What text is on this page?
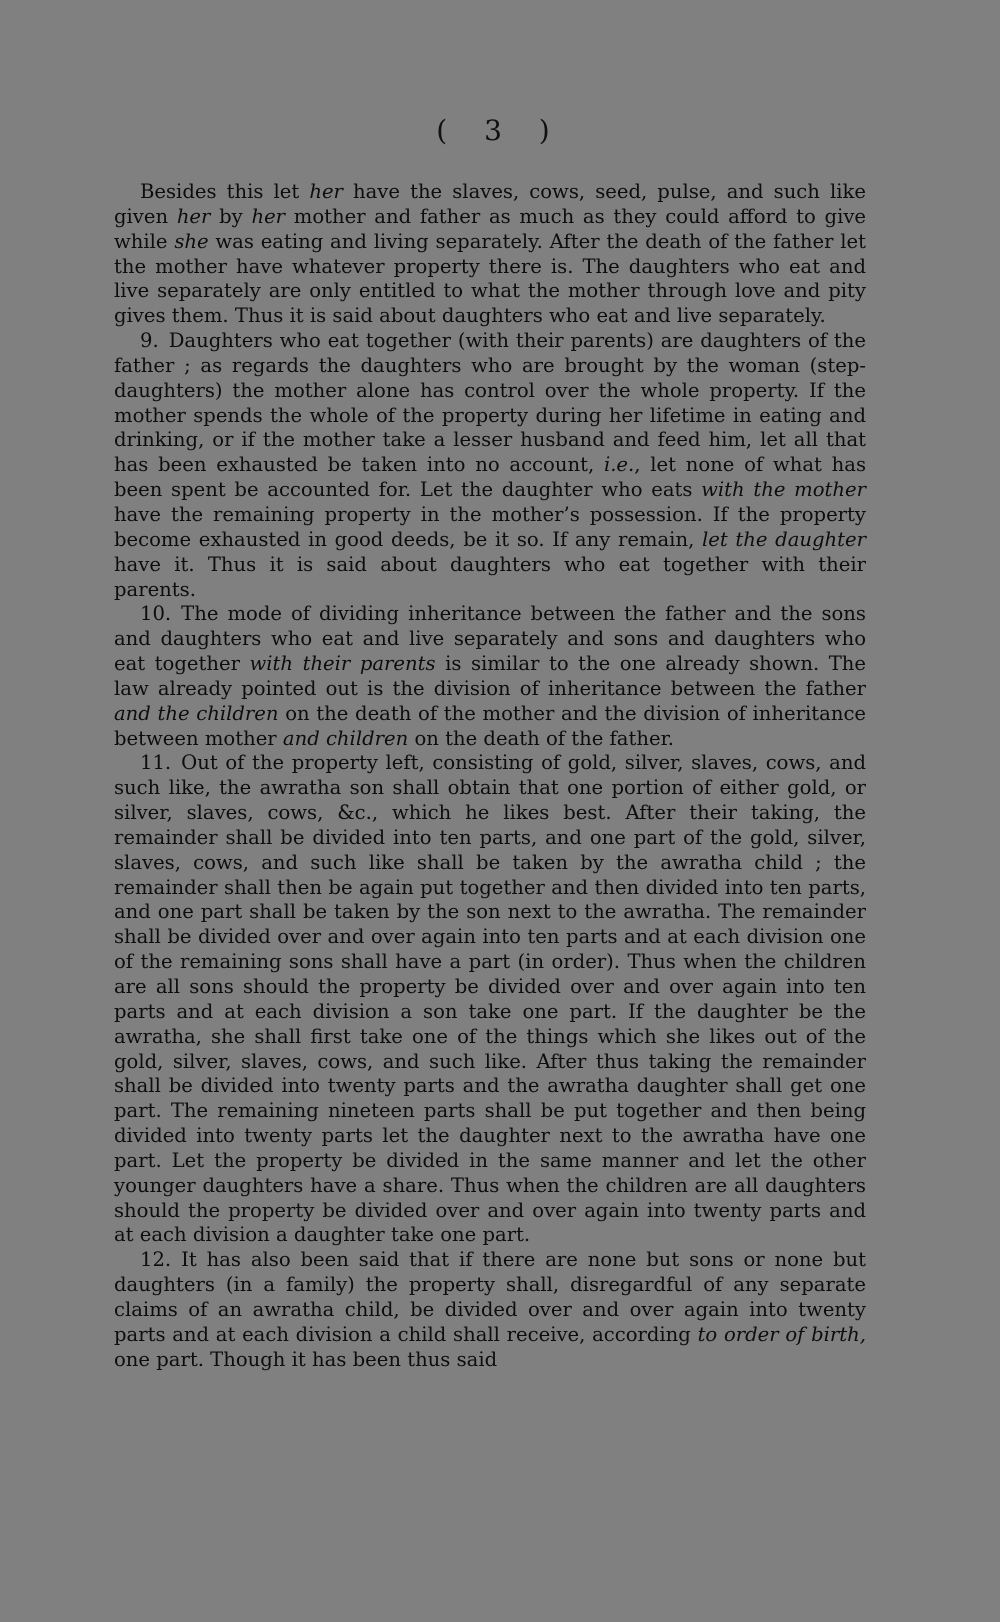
( 3 )

Besides this let her have the slaves, cows, seed, pulse, and such like given her by her mother and father as much as they could afford to give while she was eating and living separately. After the death of the father let the mother have whatever property there is. The daughters who eat and live separately are only entitled to what the mother through love and pity gives them. Thus it is said about daughters who eat and live separately.

9. Daughters who eat together (with their parents) are daughters of the father ; as regards the daughters who are brought by the woman (step-daughters) the mother alone has control over the whole property. If the mother spends the whole of the property during her lifetime in eating and drinking, or if the mother take a lesser husband and feed him, let all that has been exhausted be taken into no account, i.e., let none of what has been spent be accounted for. Let the daughter who eats with the mother have the remaining property in the mother’s possession. If the property become exhausted in good deeds, be it so. If any remain, let the daughter have it. Thus it is said about daughters who eat together with their parents.

10. The mode of dividing inheritance between the father and the sons and daughters who eat and live separately and sons and daughters who eat together with their parents is similar to the one already shown. The law already pointed out is the division of inheritance between the father and the children on the death of the mother and the division of inheritance between mother and children on the death of the father.

11. Out of the property left, consisting of gold, silver, slaves, cows, and such like, the awratha son shall obtain that one portion of either gold, or silver, slaves, cows, &c., which he likes best. After their taking, the remainder shall be divided into ten parts, and one part of the gold, silver, slaves, cows, and such like shall be taken by the awratha child ; the remainder shall then be again put together and then divided into ten parts, and one part shall be taken by the son next to the awratha. The remainder shall be divided over and over again into ten parts and at each division one of the remaining sons shall have a part (in order). Thus when the children are all sons should the property be divided over and over again into ten parts and at each division a son take one part. If the daughter be the awratha, she shall first take one of the things which she likes out of the gold, silver, slaves, cows, and such like. After thus taking the remainder shall be divided into twenty parts and the awratha daughter shall get one part. The remaining nineteen parts shall be put together and then being divided into twenty parts let the daughter next to the awratha have one part. Let the property be divided in the same manner and let the other younger daughters have a share. Thus when the children are all daughters should the property be divided over and over again into twenty parts and at each division a daughter take one part.

12. It has also been said that if there are none but sons or none but daughters (in a family) the property shall, disregardful of any separate claims of an awratha child, be divided over and over again into twenty parts and at each division a child shall receive, according to order of birth, one part. Though it has been thus said
